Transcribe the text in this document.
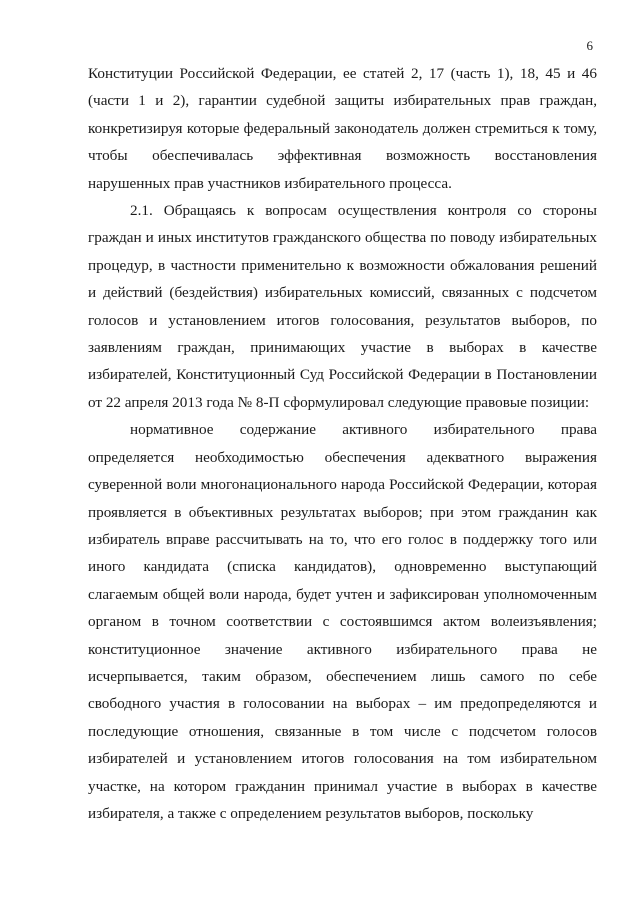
6

Конституции Российской Федерации, ее статей 2, 17 (часть 1), 18, 45 и 46 (части 1 и 2), гарантии судебной защиты избирательных прав граждан, конкретизируя которые федеральный законодатель должен стремиться к тому, чтобы обеспечивалась эффективная возможность восстановления нарушенных прав участников избирательного процесса.

2.1. Обращаясь к вопросам осуществления контроля со стороны граждан и иных институтов гражданского общества по поводу избирательных процедур, в частности применительно к возможности обжалования решений и действий (бездействия) избирательных комиссий, связанных с подсчетом голосов и установлением итогов голосования, результатов выборов, по заявлениям граждан, принимающих участие в выборах в качестве избирателей, Конституционный Суд Российской Федерации в Постановлении от 22 апреля 2013 года № 8-П сформулировал следующие правовые позиции:

нормативное содержание активного избирательного права определяется необходимостью обеспечения адекватного выражения суверенной воли многонационального народа Российской Федерации, которая проявляется в объективных результатах выборов; при этом гражданин как избиратель вправе рассчитывать на то, что его голос в поддержку того или иного кандидата (списка кандидатов), одновременно выступающий слагаемым общей воли народа, будет учтен и зафиксирован уполномоченным органом в точном соответствии с состоявшимся актом волеизъявления; конституционное значение активного избирательного права не исчерпывается, таким образом, обеспечением лишь самого по себе свободного участия в голосовании на выборах – им предопределяются и последующие отношения, связанные в том числе с подсчетом голосов избирателей и установлением итогов голосования на том избирательном участке, на котором гражданин принимал участие в выборах в качестве избирателя, а также с определением результатов выборов, поскольку
